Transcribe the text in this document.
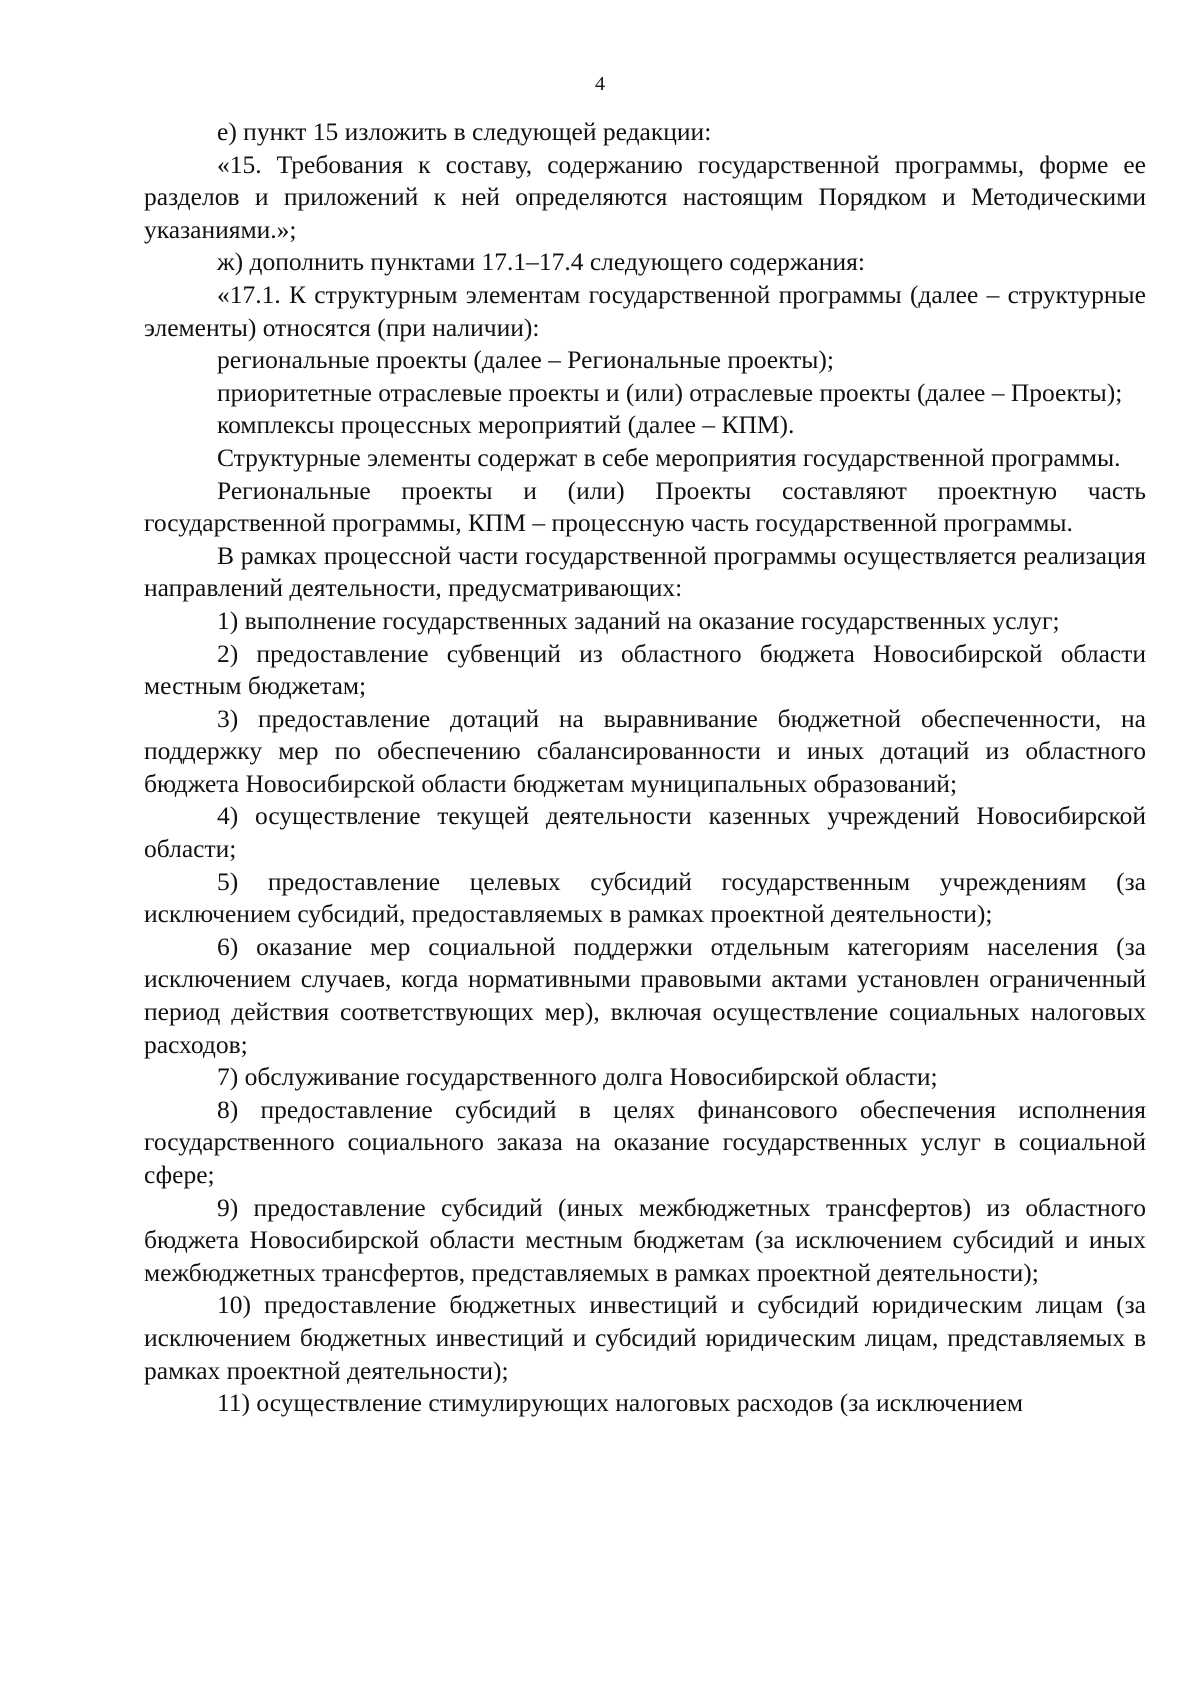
4

е) пункт 15 изложить в следующей редакции:

«15. Требования к составу, содержанию государственной программы, форме ее разделов и приложений к ней определяются настоящим Порядком и Методическими указаниями.»;

ж) дополнить пунктами 17.1–17.4 следующего содержания:

«17.1. К структурным элементам государственной программы (далее – структурные элементы) относятся (при наличии):

региональные проекты (далее – Региональные проекты);

приоритетные отраслевые проекты и (или) отраслевые проекты (далее – Проекты);

комплексы процессных мероприятий (далее – КПМ).

Структурные элементы содержат в себе мероприятия государственной программы.

Региональные проекты и (или) Проекты составляют проектную часть государственной программы, КПМ – процессную часть государственной программы.

В рамках процессной части государственной программы осуществляется реализация направлений деятельности, предусматривающих:

1) выполнение государственных заданий на оказание государственных услуг;

2) предоставление субвенций из областного бюджета Новосибирской области местным бюджетам;

3) предоставление дотаций на выравнивание бюджетной обеспеченности, на поддержку мер по обеспечению сбалансированности и иных дотаций из областного бюджета Новосибирской области бюджетам муниципальных образований;

4) осуществление текущей деятельности казенных учреждений Новосибирской области;

5) предоставление целевых субсидий государственным учреждениям (за исключением субсидий, предоставляемых в рамках проектной деятельности);

6) оказание мер социальной поддержки отдельным категориям населения (за исключением случаев, когда нормативными правовыми актами установлен ограниченный период действия соответствующих мер), включая осуществление социальных налоговых расходов;

7) обслуживание государственного долга Новосибирской области;

8) предоставление субсидий в целях финансового обеспечения исполнения государственного социального заказа на оказание государственных услуг в социальной сфере;

9) предоставление субсидий (иных межбюджетных трансфертов) из областного бюджета Новосибирской области местным бюджетам (за исключением субсидий и иных межбюджетных трансфертов, представляемых в рамках проектной деятельности);

10) предоставление бюджетных инвестиций и субсидий юридическим лицам (за исключением бюджетных инвестиций и субсидий юридическим лицам, представляемых в рамках проектной деятельности);

11) осуществление стимулирующих налоговых расходов (за исключением
